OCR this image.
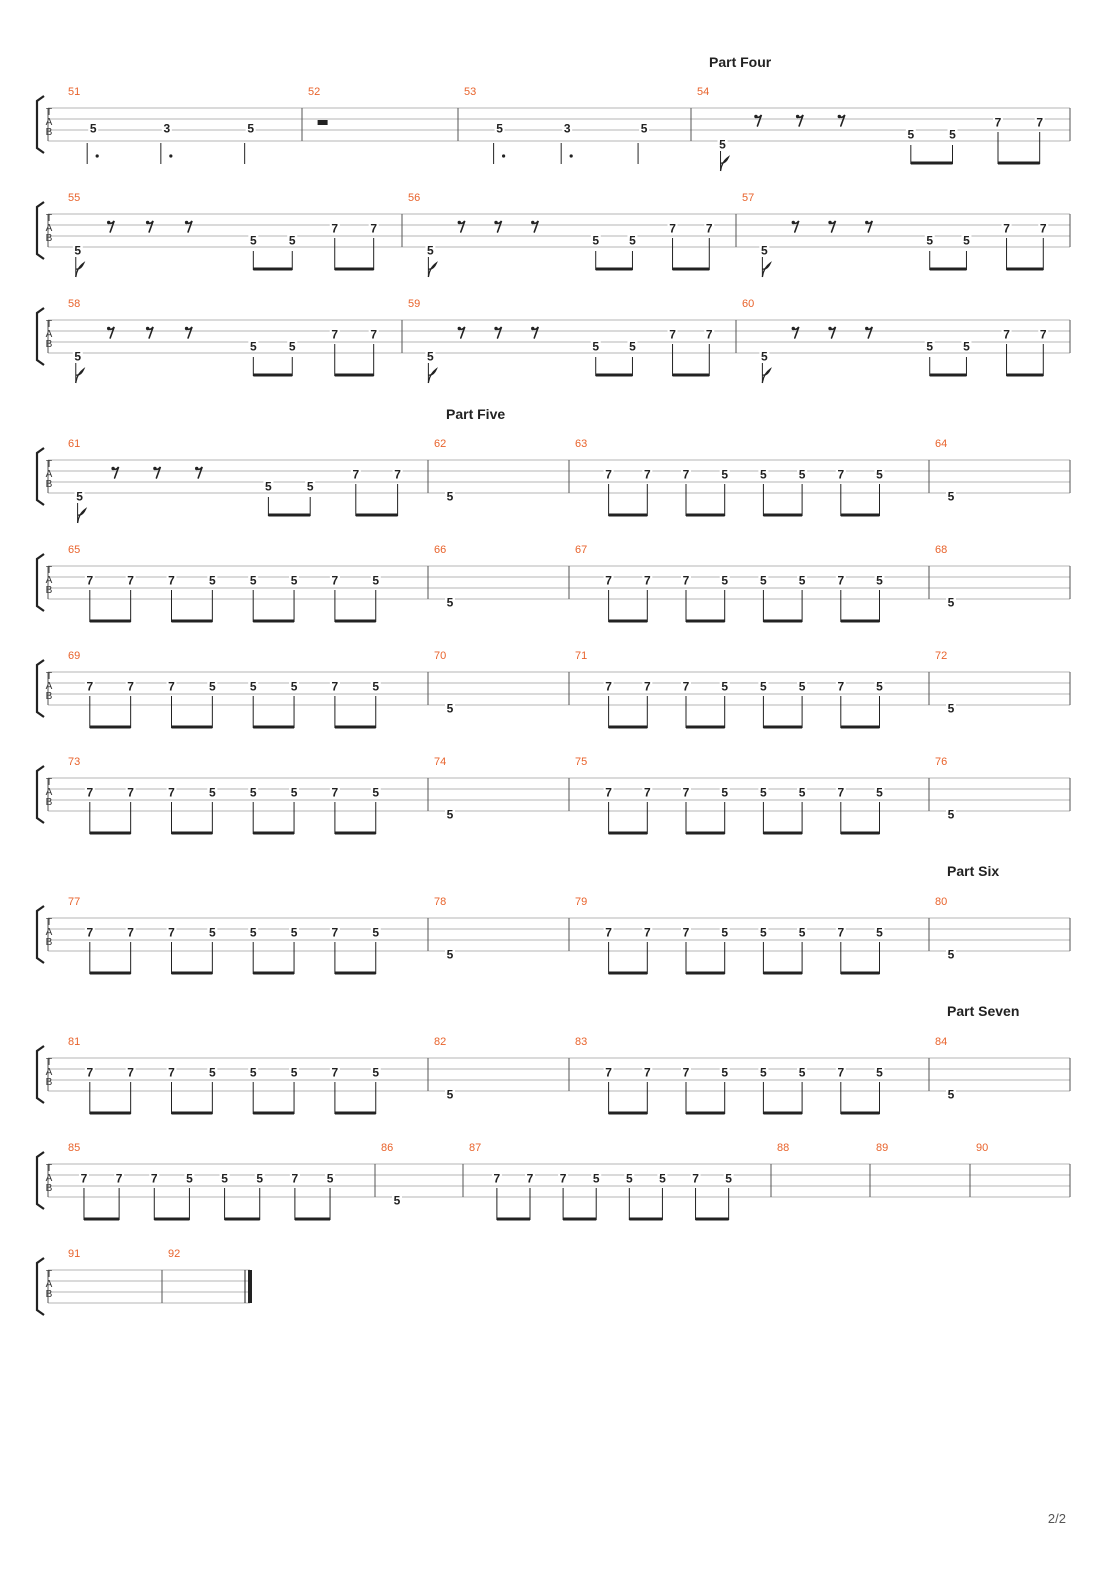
T
A
B
Part Four
51
5	3	5
52	53
5	3	5
54
5
5	5
7	7
T
A
B
55
5
5	5
7	7
56
5
5	5
7	7
57
5
5	5
7	7
T
A
B
58
5
5	5
7	7
59
5
5	5
7	7
60
5
5	5
7	7
T
A
B
Part Five
61
5
5	5
7	7
62
5
63
7	7	7	5	5	5	7	5
64
5
T
A
B
65
7	7	7	5	5	5	7	5
66
5
67
7	7	7	5	5	5	7	5
68
5
T
A
B
69
7	7	7	5	5	5	7	5
70
5
71
7	7	7	5	5	5	7	5
72
5
T
A
B
73
7	7	7	5	5	5	7	5
74
5
75
7	7	7	5	5	5	7	5
76
5
T
A
B
Part Six
77
7	7	7	5	5	5	7	5
78
5
79
7	7	7	5	5	5	7	5
80
5
T
A
B
Part Seven
81
7	7	7	5	5	5	7	5
82
5
83
7	7	7	5	5	5	7	5
84
5
T
A
B
85
7 7 7 5 5 5 7 5
86
5
87
7 7 7 5 5 5 7 5
88	89	90
T
A
B
91	92
2/2
